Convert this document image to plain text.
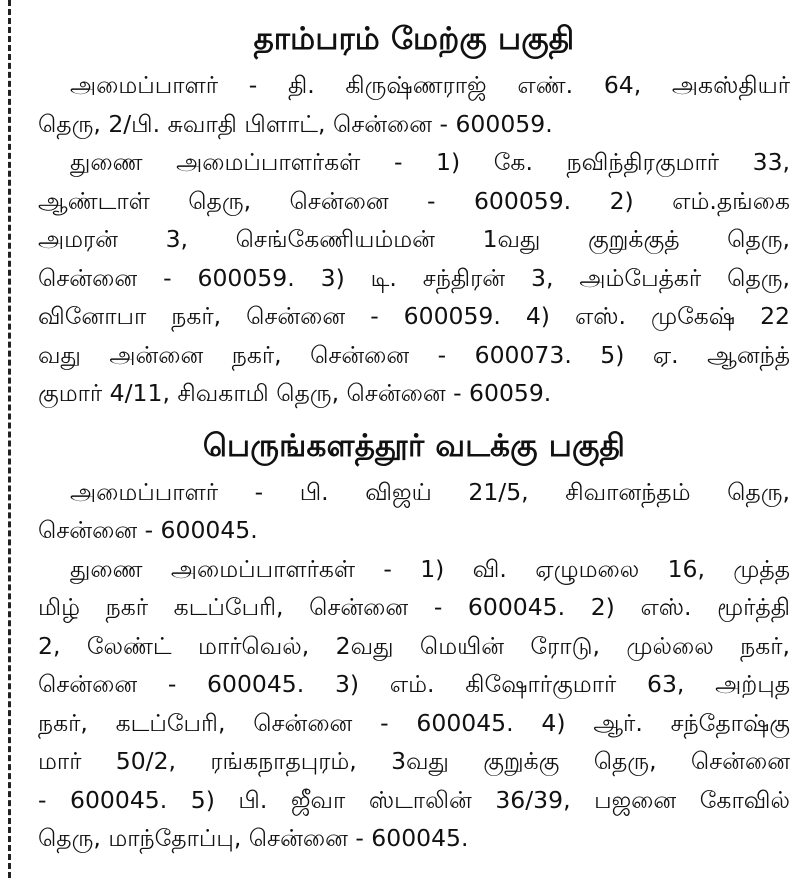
தாம்பரம் மேற்கு பகுதி

அமைப்பாளர் - தி. கிருஷ்ணராஜ் எண். 64, அகஸ்தியர்
தெரு, 2/பி. சுவாதி பிளாட், சென்னை - 600059.

துணை அமைப்பாளர்கள் - 1) கே. நவிந்திரகுமார் 33,
ஆண்டாள் தெரு, சென்னை - 600059. 2) எம்.தங்கை
அமரன் 3, செங்கேணியம்மன் 1வது குறுக்குத் தெரு,
சென்னை - 600059. 3) டி. சந்திரன் 3, அம்பேத்கர் தெரு,
வினோபா நகர், சென்னை - 600059. 4) எஸ். முகேஷ் 22
வது அன்னை நகர், சென்னை - 600073. 5) ஏ. ஆனந்த்
குமார் 4/11, சிவகாமி தெரு, சென்னை - 60059.

பெருங்களத்தூர் வடக்கு பகுதி

அமைப்பாளர் - பி. விஜய் 21/5, சிவானந்தம் தெரு,
சென்னை - 600045.

துணை அமைப்பாளர்கள் - 1) வி. ஏழுமலை 16, முத்த
மிழ் நகர் கடப்பேரி, சென்னை - 600045. 2) எஸ். மூர்த்தி
2, லேண்ட் மார்வெல், 2வது மெயின் ரோடு, முல்லை நகர்,
சென்னை - 600045. 3) எம். கிஷோர்குமார் 63, அற்புத
நகர், கடப்பேரி, சென்னை - 600045. 4) ஆர். சந்தோஷ்கு
மார் 50/2, ரங்கநாதபுரம், 3வது குறுக்கு தெரு, சென்னை
- 600045. 5) பி. ஜீவா ஸ்டாலின் 36/39, பஜனை கோவில்
தெரு, மாந்தோப்பு, சென்னை - 600045.
